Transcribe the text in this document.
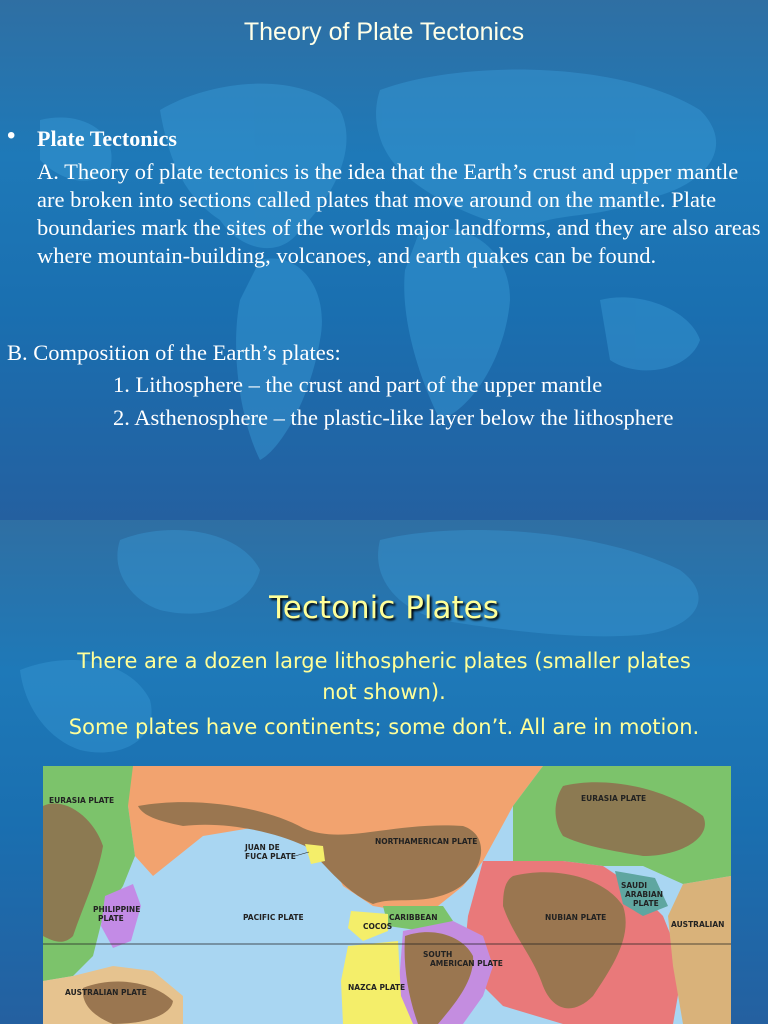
Theory of Plate Tectonics
• Plate Tectonics
A. Theory of plate tectonics is the idea that the Earth’s crust and upper mantle are broken into sections called plates that move around on the mantle. Plate boundaries mark the sites of the worlds major landforms, and they are also areas where mountain-building, volcanoes, and earth quakes can be found.
B. Composition of the Earth’s plates:
1. Lithosphere – the crust and part of the upper mantle
2. Asthenosphere – the plastic-like layer below the lithosphere
Tectonic Plates
There are a dozen large lithospheric plates (smaller plates
not shown).
Some plates have continents; some don’t. All are in motion.
EURASIA PLATE	EURASIA PLATE
JUAN DE
FUCA PLATE
NORTHAMERICAN PLATE
PHILIPPINE
PLATE	PACIFIC PLATE	CARIBBEAN
COCOS
NUBIAN PLATE
SAUDI
ARABIAN
PLATE
AUSTRALIAN
SOUTH
AMERICAN PLATE
NAZCA PLATE
AUSTRALIAN PLATE
